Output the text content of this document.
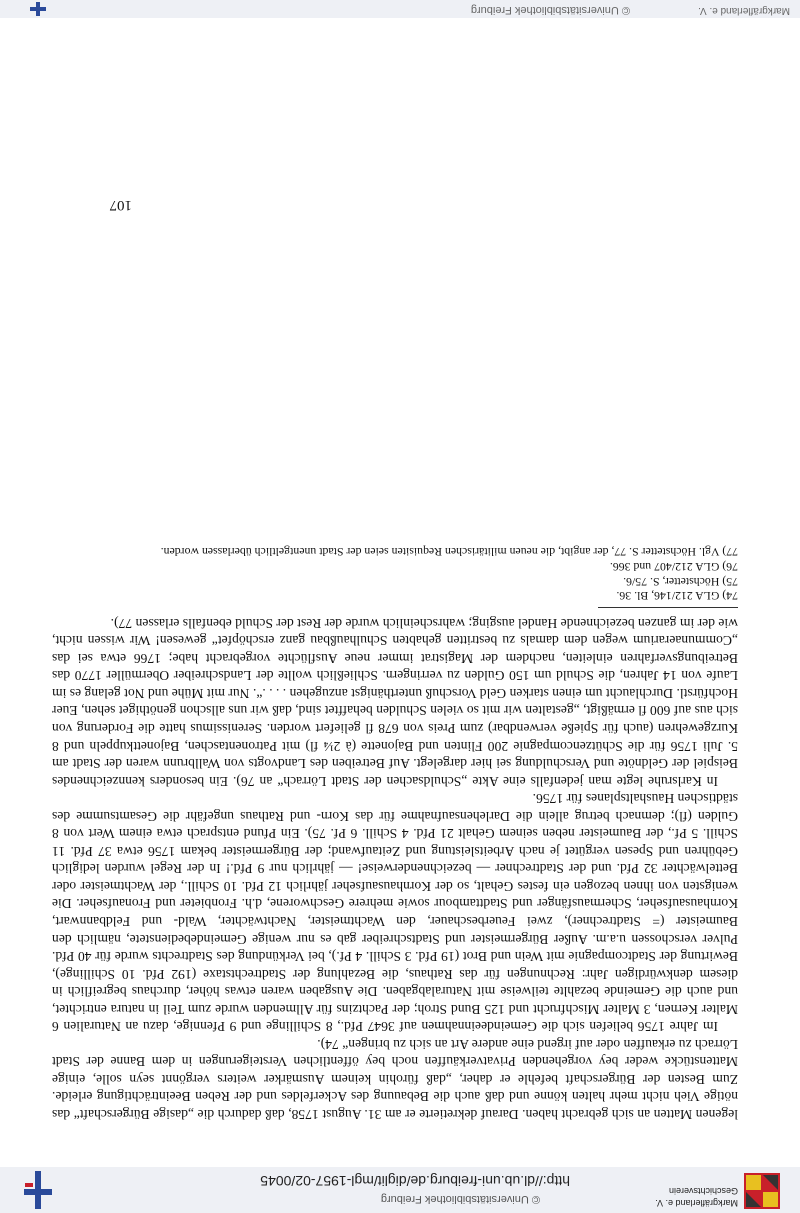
Markgräflerland e. V. Geschichtsverein
© Universitätsbibliothek Freiburg
http://dl.ub.uni-freiburg.de/diglit/mgl-1957-02/0045

legenen Matten an sich gebracht haben. Darauf dekretierte er am 31. August 1758, daß dadurch die „dasige Bürgerschaft“ das nötige Vieh nicht mehr halten könne und daß auch die Bebauung des Ackerfeldes und der Reben Beeinträchtigung erleide. Zum Besten der Bürgerschaft befehle er daher, „daß fürohin keinem Ausmärker weiters vergönnt seyn solle, einige Mattenstücke weder bey vorgehenden Privatverkäuffen noch bey öffentlichen Versteigerungen in dem Banne der Stadt Lörrach zu erkauffen oder auf irgend eine andere Art an sich zu bringen“ 74).

Im Jahre 1756 beliefen sich die Gemeindeeinnahmen auf 3647 Pfd., 8 Schillinge und 9 Pfennige, dazu an Naturalien 6 Malter Kernen, 3 Malter Mischfrucht und 125 Bund Stroh; der Pachtzins für Allmenden wurde zum Teil in natura entrichtet, und auch die Gemeinde bezahlte teilweise mit Naturalabgaben. Die Ausgaben waren etwas höher, durchaus begreiflich in diesem denkwürdigen Jahr: Rechnungen für das Rathaus, die Bezahlung der Stadtrechtstaxe (192 Pfd. 10 Schillinge), Bewirtung der Stadtcompagnie mit Wein und Brot (19 Pfd. 3 Schill. 4 Pf.), bei Verkündung des Stadtrechts wurde für 40 Pfd. Pulver verschossen u.a.m. Außer Bürgermeister und Stadtschreiber gab es nur wenige Gemeindebedienstete, nämlich den Baumeister (= Stadtrechner), zwei Feuerbeschauer, den Wachtmeister, Nachtwächter, Wald- und Feldbannwart, Kornhausaufseher, Schermausfänger und Stadttambour sowie mehrere Geschworene, d.h. Fronbieter und Fronaufseher. Die wenigsten von ihnen bezogen ein festes Gehalt, so der Kornhausaufseher jährlich 12 Pfd. 10 Schill., der Wachtmeister oder Bettelwächter 32 Pfd. und der Stadtrechner — bezeichnenderweise! — jährlich nur 9 Pfd.! In der Regel wurden lediglich Gebühren und Spesen vergütet je nach Arbeitsleistung und Zeitaufwand; der Bürgermeister bekam 1756 etwa 37 Pfd. 11 Schill. 5 Pf., der Baumeister neben seinem Gehalt 21 Pfd. 4 Schill. 6 Pf. 75). Ein Pfund entsprach etwa einem Wert von 8 Gulden (fl); demnach betrug allein die Darlehensaufnahme für das Korn- und Rathaus ungefähr die Gesamtsumme des städtischen Haushaltsplanes für 1756.

In Karlsruhe legte man jedenfalls eine Akte „Schuldsachen der Stadt Lörrach“ an 76). Ein besonders kennzeichnendes Beispiel der Geldnöte und Verschuldung sei hier dargelegt. Auf Betreiben des Landvogts von Wallbrunn waren der Stadt am 5. Juli 1756 für die Schützencompagnie 200 Flinten und Bajonette (à 2¼ fl) mit Patronentaschen, Bajonettkuppeln und 8 Kurzgewehren (auch für Spieße verwendbar) zum Preis von 678 fl geliefert worden. Serenissimus hatte die Forderung von sich aus auf 600 fl ermäßigt, „gestalten wir mit so vielen Schulden behafftet sind, daß wir uns allschon genöthiget sehen, Euer Hochfürstl. Durchlaucht um einen starken Geld Vorschuß unterthänigst anzugehen . . . .“. Nur mit Mühe und Not gelang es im Laufe von 14 Jahren, die Schuld um 150 Gulden zu verringern. Schließlich wollte der Landschreiber Obermüller 1770 das Betreibungsverfahren einleiten, nachdem der Magistrat immer neue Ausflüchte vorgebracht habe; 1766 etwa sei das „Communaerarium wegen dem damals zu bestritten gehabten Schulhaußbau ganz erschöpfet“ gewesen! Wir wissen nicht, wie der im ganzen bezeichnende Handel ausging; wahrscheinlich wurde der Rest der Schuld ebenfalls erlassen 77).

74) GLA 212/146, Bl. 36.

75) Höchstetter, S. 75/6.

76) GLA 212/407 und 366.

77) Vgl. Höchstetter S. 77, der angibt, die neuen militärischen Requisiten seien der Stadt unentgeltlich überlassen worden.

107
Markgräflerland e. V.
© Universitätsbibliothek Freiburg
